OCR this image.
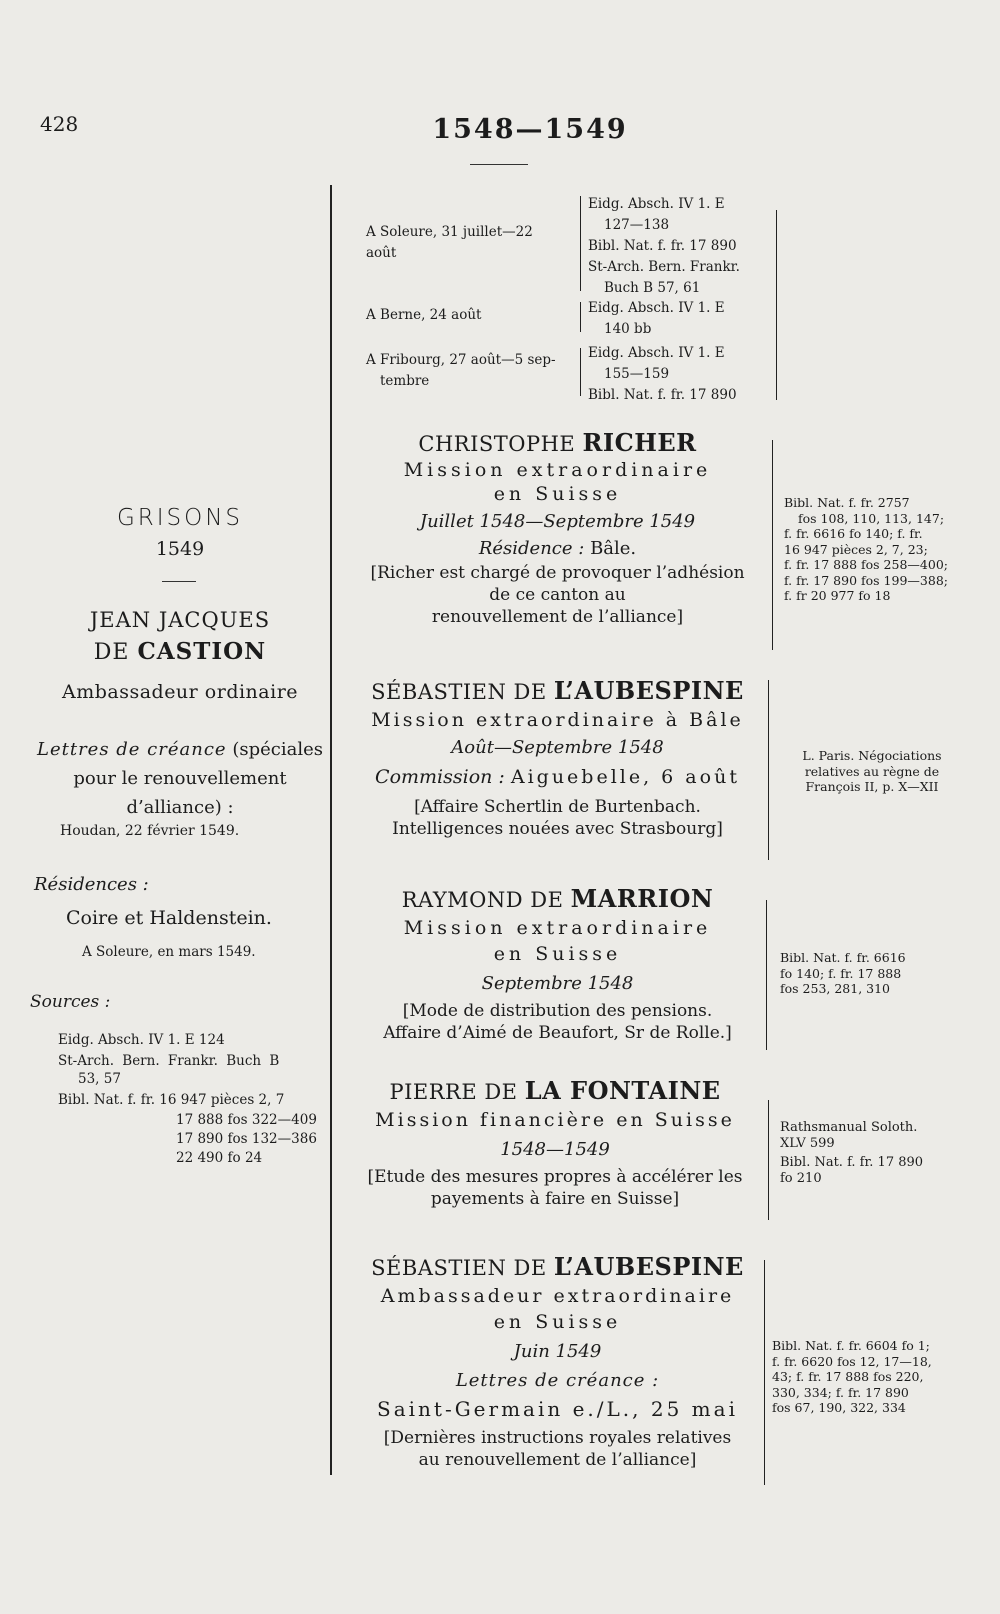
428	1548—1549
GRISONS
1549
JEAN JACQUES
DE CASTION
Ambassadeur ordinaire
Lettres de créance (spéciales
pour le renouvellement
d’alliance) :
Houdan, 22 février 1549.
Résidences :
Coire et Haldenstein.
A Soleure, en mars 1549.
Sources :
Eidg. Absch. IV 1. E 124
St-Arch. Bern. Frankr. Buch B
53, 57
Bibl. Nat. f. fr. 16 947 pièces 2, 7
17 888 fos 322—409
17 890 fos 132—386
22 490 fo 24
A Soleure, 31 juillet—22
août
Eidg. Absch. IV 1. E
127—138
Bibl. Nat. f. fr. 17 890
St-Arch. Bern. Frankr.
Buch B 57, 61
A Berne, 24 août	Eidg. Absch. IV 1. E
140 bb
A Fribourg, 27 août—5 sep-
tembre
Eidg. Absch. IV 1. E
155—159
Bibl. Nat. f. fr. 17 890
CHRISTOPHE RICHER
Mission extraordinaire
en Suisse
Juillet 1548—Septembre 1549
Résidence : Bâle.
[Richer est chargé de provoquer l’adhésion
de ce canton au
renouvellement de l’alliance]
Bibl. Nat. f. fr. 2757
fos 108, 110, 113, 147;
f. fr. 6616 fo 140; f. fr.
16 947 pièces 2, 7, 23;
f. fr. 17 888 fos 258—400;
f. fr. 17 890 fos 199—388;
f. fr 20 977 fo 18
SÉBASTIEN DE L’AUBESPINE
Mission extraordinaire à Bâle
Août—Septembre 1548
Commission : Aiguebelle, 6 août
[Affaire Schertlin de Burtenbach.
Intelligences nouées avec Strasbourg]
L. Paris. Négociations
relatives au règne de
François II, p. X—XII
RAYMOND DE MARRION
Mission extraordinaire
en Suisse
Septembre 1548
[Mode de distribution des pensions.
Affaire d’Aimé de Beaufort, Sr de Rolle.]
Bibl. Nat. f. fr. 6616
fo 140; f. fr. 17 888
fos 253, 281, 310
PIERRE DE LA FONTAINE
Mission financière en Suisse
1548—1549
[Etude des mesures propres à accélérer les
payements à faire en Suisse]
Rathsmanual Soloth.
XLV 599
Bibl. Nat. f. fr. 17 890
fo 210
SÉBASTIEN DE L’AUBESPINE
Ambassadeur extraordinaire
en Suisse
Juin 1549
Lettres de créance :
Saint-Germain e./L., 25 mai
[Dernières instructions royales relatives
au renouvellement de l’alliance]
Bibl. Nat. f. fr. 6604 fo 1;
f. fr. 6620 fos 12, 17—18,
43; f. fr. 17 888 fos 220,
330, 334; f. fr. 17 890
fos 67, 190, 322, 334
